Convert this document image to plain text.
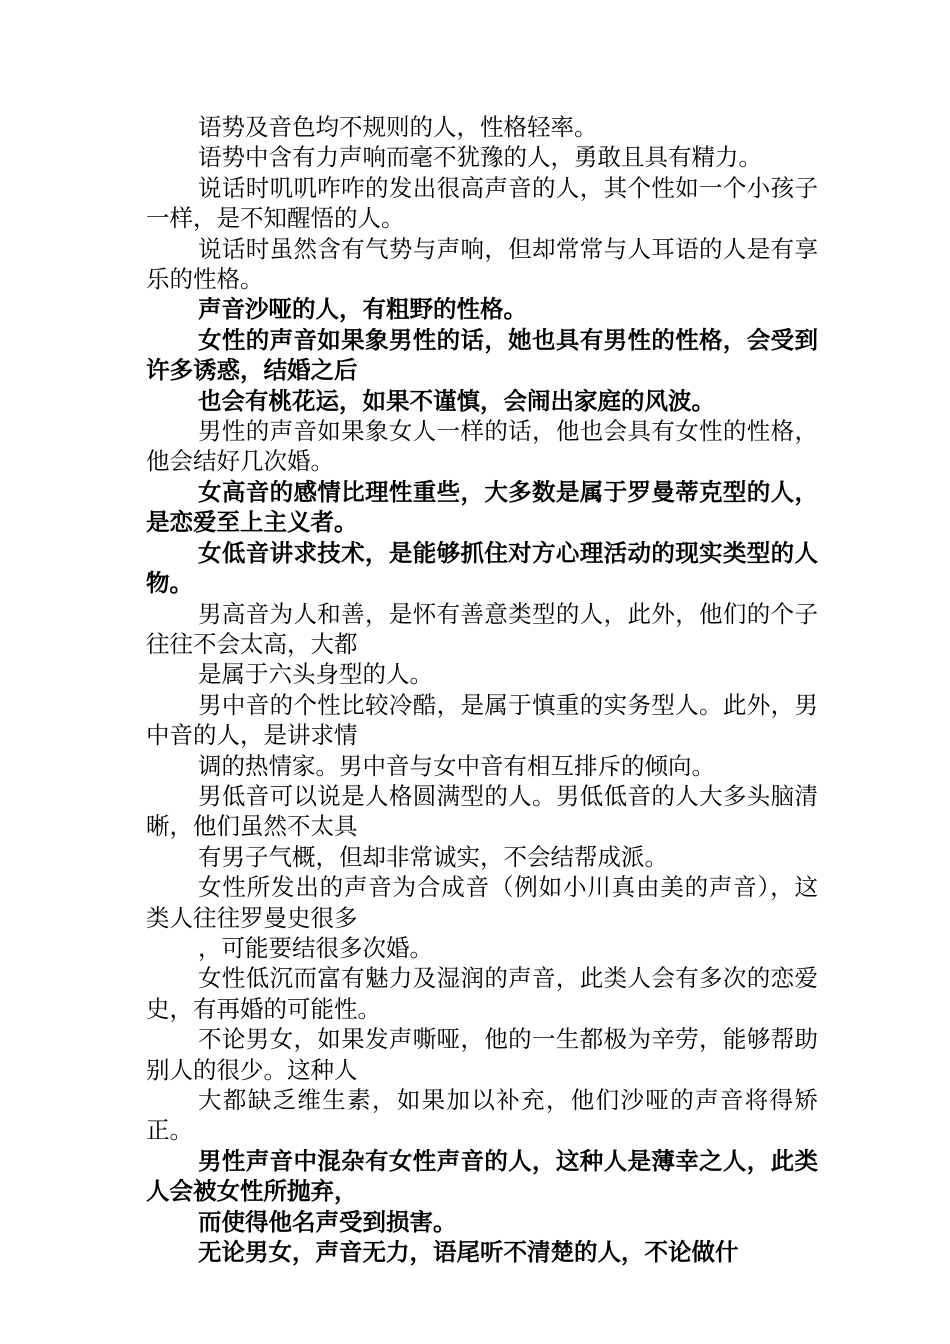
语势及音色均不规则的人，性格轻率。

语势中含有力声响而毫不犹豫的人，勇敢且具有精力。

说话时叽叽咋咋的发出很高声音的人，其个性如一个小孩子一样，是不知醒悟的人。

说话时虽然含有气势与声响，但却常常与人耳语的人是有享乐的性格。

声音沙哑的人，有粗野的性格。

女性的声音如果象男性的话，她也具有男性的性格，会受到许多诱惑，结婚之后

也会有桃花运，如果不谨慎，会闹出家庭的风波。

男性的声音如果象女人一样的话，他也会具有女性的性格，他会结好几次婚。

女高音的感情比理性重些，大多数是属于罗曼蒂克型的人，是恋爱至上主义者。

女低音讲求技术，是能够抓住对方心理活动的现实类型的人物。

男高音为人和善，是怀有善意类型的人，此外，他们的个子往往不会太高，大都

是属于六头身型的人。

男中音的个性比较冷酷，是属于慎重的实务型人。此外，男中音的人，是讲求情

调的热情家。男中音与女中音有相互排斥的倾向。

男低音可以说是人格圆满型的人。男低低音的人大多头脑清晰，他们虽然不太具

有男子气概，但却非常诚实，不会结帮成派。

女性所发出的声音为合成音（例如小川真由美的声音），这类人往往罗曼史很多

，可能要结很多次婚。

女性低沉而富有魅力及湿润的声音，此类人会有多次的恋爱史，有再婚的可能性。

不论男女，如果发声嘶哑，他的一生都极为辛劳，能够帮助别人的很少。这种人

大都缺乏维生素，如果加以补充，他们沙哑的声音将得矫正。

男性声音中混杂有女性声音的人，这种人是薄幸之人，此类人会被女性所抛弃，

而使得他名声受到损害。

无论男女，声音无力，语尾听不清楚的人，不论做什
